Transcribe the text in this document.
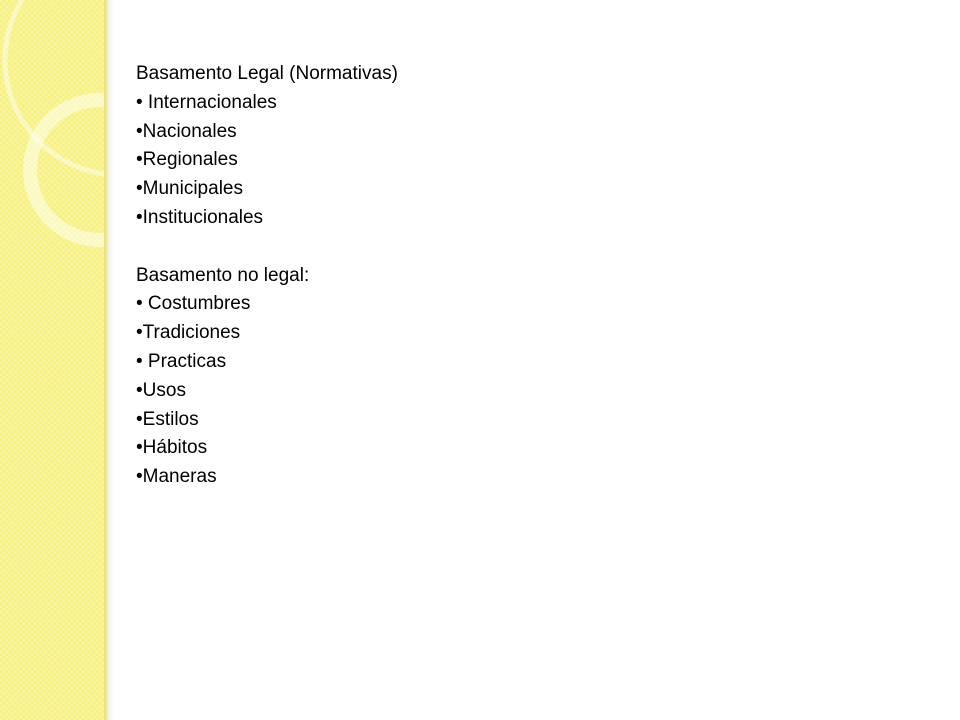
Basamento Legal (Normativas)
• Internacionales
•Nacionales
•Regionales
•Municipales
•Institucionales
Basamento no legal:
• Costumbres
•Tradiciones
• Practicas
•Usos
•Estilos
•Hábitos
•Maneras
